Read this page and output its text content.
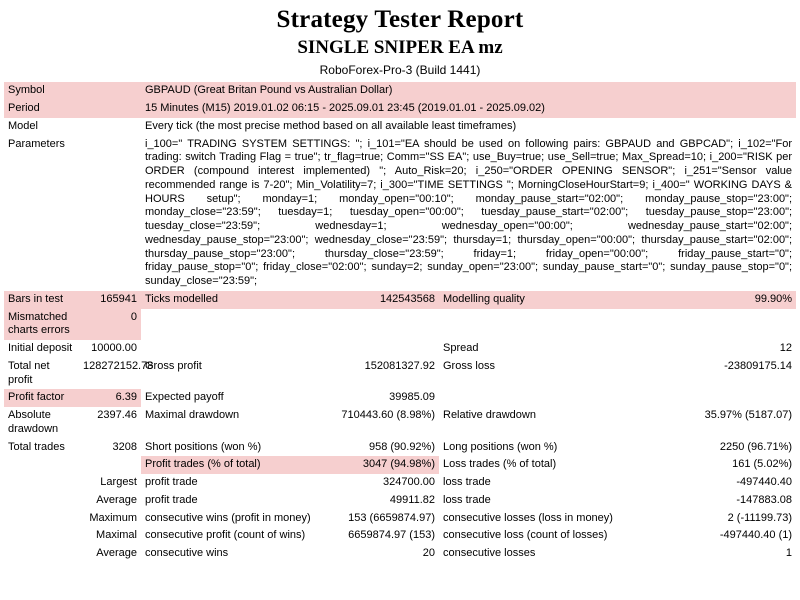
Strategy Tester Report
SINGLE SNIPER EA mz
RoboForex-Pro-3 (Build 1441)
Symbol		GBPAUD (Great Britan Pound vs Australian Dollar)			
Period		15 Minutes (M15) 2019.01.02 06:15 - 2025.09.01 23:45 (2019.01.01 - 2025.09.02)			
Model		Every tick (the most precise method based on all available least timeframes)			
Parameters		i_100=" TRADING SYSTEM SETTINGS: "; i_101="EA should be used on following pairs: GBPAUD and GBPCAD"; i_102="For trading: switch Trading Flag = true"; tr_flag=true; Comm="SS EA"; use_Buy=true; use_Sell=true; Max_Spread=10; i_200="RISK per ORDER (compound interest implemented) "; Auto_Risk=20; i_250="ORDER OPENING SENSOR"; i_251="Sensor value recommended range is 7-20"; Min_Volatility=7; i_300="TIME SETTINGS "; MorningCloseHourStart=9; i_400=" WORKING DAYS & HOURS setup"; monday=1; monday_open="00:10"; monday_pause_start="02:00"; monday_pause_stop="23:00"; monday_close="23:59"; tuesday=1; tuesday_open="00:00"; tuesday_pause_start="02:00"; tuesday_pause_stop="23:00"; tuesday_close="23:59"; wednesday=1; wednesday_open="00:00"; wednesday_pause_start="02:00"; wednesday_pause_stop="23:00"; wednesday_close="23:59"; thursday=1; thursday_open="00:00"; thursday_pause_start="02:00"; thursday_pause_stop="23:00"; thursday_close="23:59"; friday=1; friday_open="00:00"; friday_pause_start="0"; friday_pause_stop="0"; friday_close="02:00"; sunday=2; sunday_open="23:00"; sunday_pause_start="0"; sunday_pause_stop="0"; sunday_close="23:59";			
Bars in test	165941	Ticks modelled	142543568	Modelling quality	99.90%
Mismatched charts errors	0				
Initial deposit	10000.00			Spread	12
Total net profit	128272152.78	Gross profit	152081327.92	Gross loss	-23809175.14
Profit factor	6.39	Expected payoff	39985.09		
Absolute drawdown	2397.46	Maximal drawdown	710443.60 (8.98%)	Relative drawdown	35.97% (5187.07)
Total trades	3208	Short positions (won %)	958 (90.92%)	Long positions (won %)	2250 (96.71%)
		Profit trades (% of total)	3047 (94.98%)	Loss trades (% of total)	161 (5.02%)
	Largest	profit trade	324700.00	loss trade	-497440.40
	Average	profit trade	49911.82	loss trade	-147883.08
	Maximum	consecutive wins (profit in money)	153 (6659874.97)	consecutive losses (loss in money)	2 (-11199.73)
	Maximal	consecutive profit (count of wins)	6659874.97 (153)	consecutive loss (count of losses)	-497440.40 (1)
	Average	consecutive wins	20	consecutive losses	1
